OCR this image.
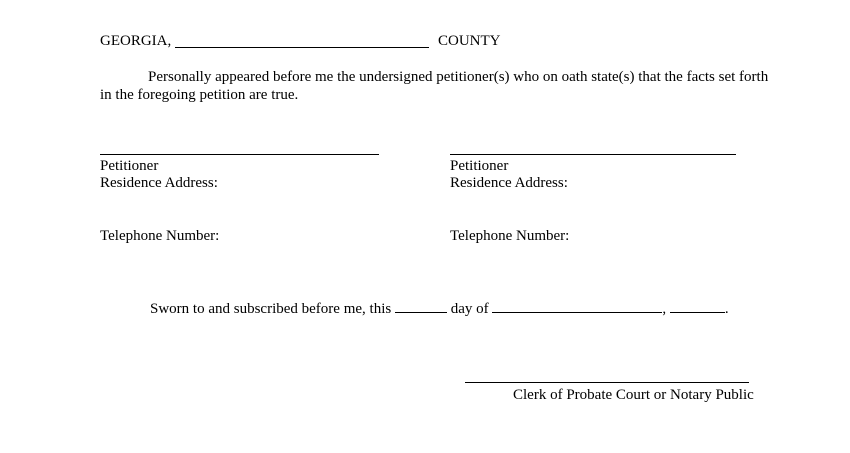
GEORGIA,	COUNTY
Personally appeared before me the undersigned petitioner(s) who on oath state(s) that the facts set forth
in the foregoing petition are true.
Petitioner
Residence Address:
Telephone Number:
Petitioner
Residence Address:
Telephone Number:
Sworn to and subscribed before me, this	day of	,	.
Clerk of Probate Court or Notary Public
